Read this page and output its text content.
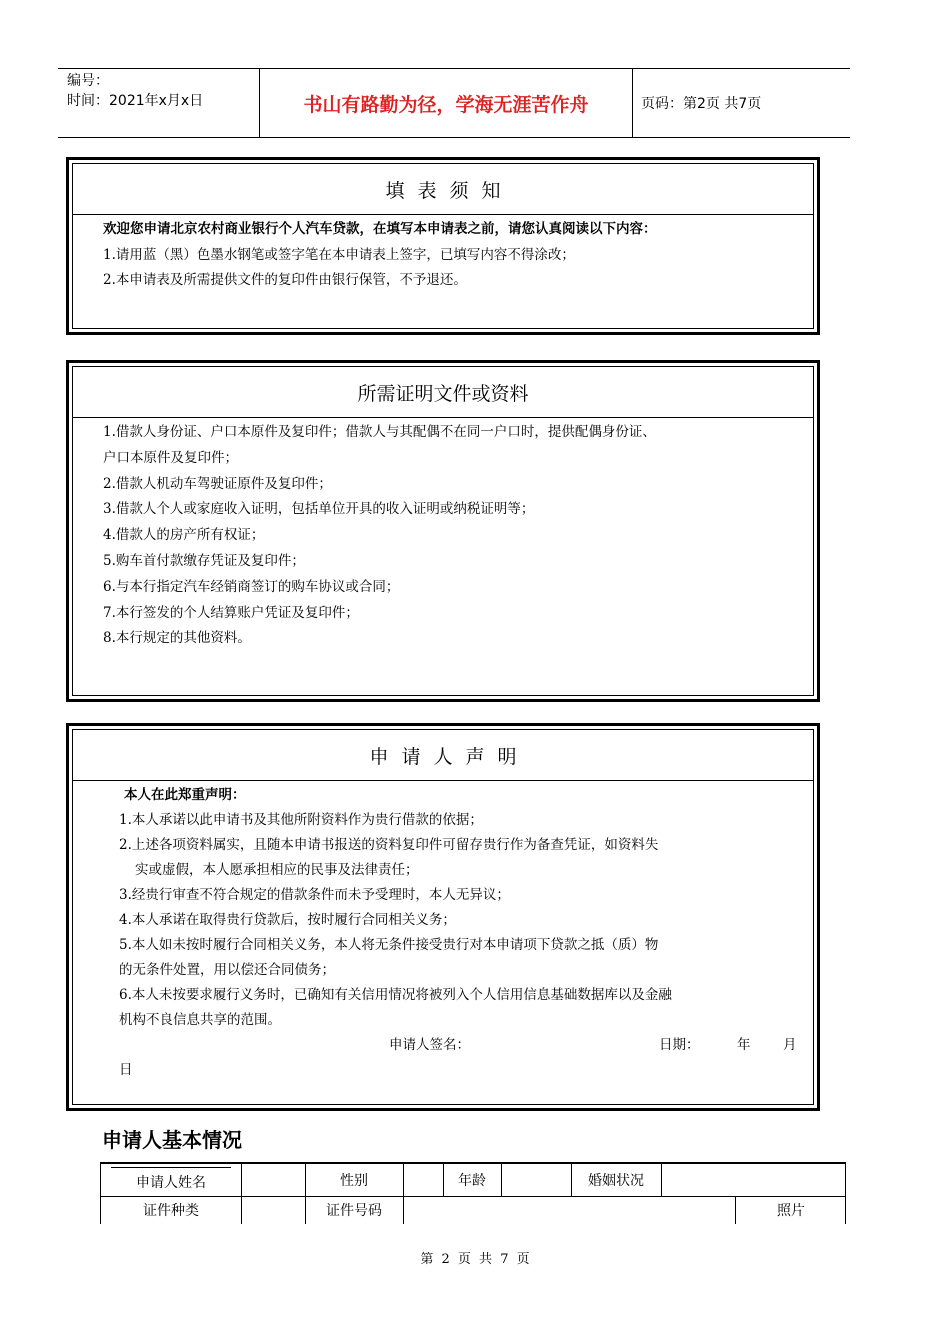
编号：
时间：2021年x月x日	书山有路勤为径，学海无涯苦作舟	页码：第2页 共7页
填表须知

欢迎您申请北京农村商业银行个人汽车贷款，在填写本申请表之前，请您认真阅读以下内容：

1.请用蓝（黑）色墨水钢笔或签字笔在本申请表上签字，已填写内容不得涂改；

2.本申请表及所需提供文件的复印件由银行保管，不予退还。

所需证明文件或资料

1.借款人身份证、户口本原件及复印件；借款人与其配偶不在同一户口时，提供配偶身份证、

户口本原件及复印件；

2.借款人机动车驾驶证原件及复印件；

3.借款人个人或家庭收入证明，包括单位开具的收入证明或纳税证明等；

4.借款人的房产所有权证；

5.购车首付款缴存凭证及复印件；

6.与本行指定汽车经销商签订的购车协议或合同；

7.本行签发的个人结算账户凭证及复印件；

8.本行规定的其他资料。

申请人声明

本人在此郑重声明：

1.本人承诺以此申请书及其他所附资料作为贵行借款的依据；

2.上述各项资料属实，且随本申请书报送的资料复印件可留存贵行作为备查凭证，如资料失

实或虚假，本人愿承担相应的民事及法律责任；

3.经贵行审查不符合规定的借款条件而未予受理时，本人无异议；

4.本人承诺在取得贵行贷款后，按时履行合同相关义务；

5.本人如未按时履行合同相关义务，本人将无条件接受贵行对本申请项下贷款之抵（质）物

的无条件处置，用以偿还合同债务；

6.本人未按要求履行义务时，已确知有关信用情况将被列入个人信用信息基础数据库以及金融

机构不良信息共享的范围。

申请人签名：	日期：	年 月

日

申请人基本情况
申请人姓名	性别	年龄	婚姻状况
证件种类	证件号码	照片
第 2 页 共 7 页
